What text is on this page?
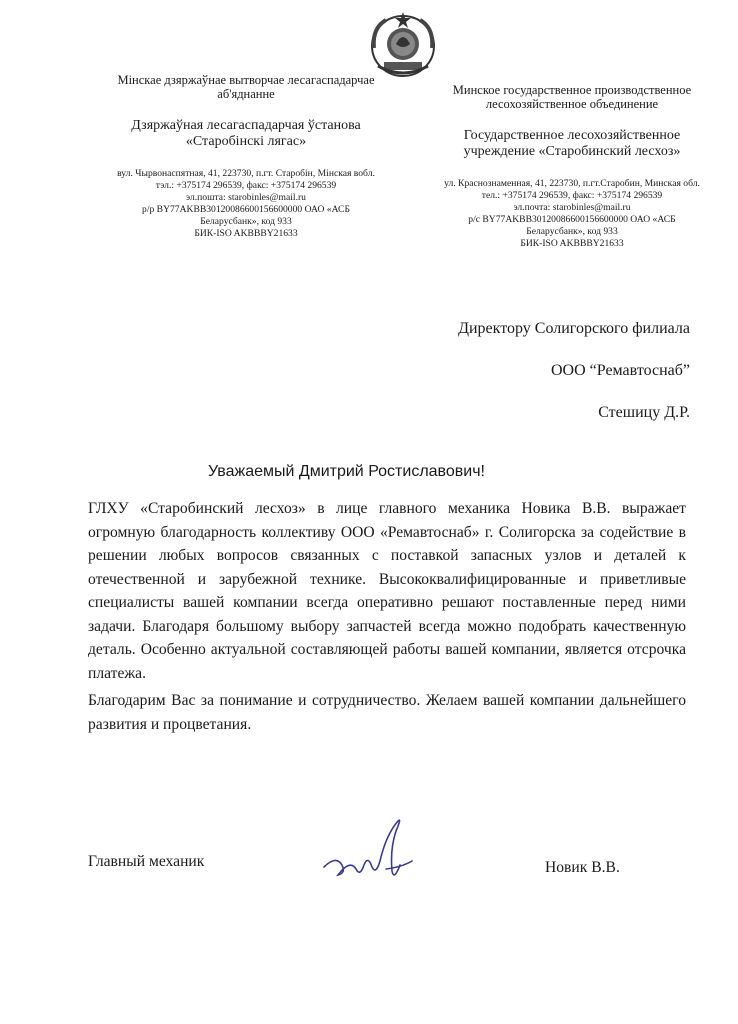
Мінскае дзяржаўнае вытворчае лесагаспадарчае аб'яднанне
Дзяржаўная лесагаспадарчая ўстанова «Старобінскі лягас»
вул. Чырвонаспятная, 41, 223730, п.гт. Старобін, Мінская вобл.
тэл.: +375174 296539, факс: +375174 296539
эл.пошта: starobinles@mail.ru
р/р BY77AKBB30120086600156600000 ОАО «АСБ
Беларусбанк», код 933
БИК-ISO AKBBBY21633
Минское государственное производственное лесохозяйственное объединение
Государственное лесохозяйственное учреждение «Старобинский лесхоз»
ул. Краснознаменная, 41, 223730, п.гт.Старобин, Минская обл.
тел.: +375174 296539, факс: +375174 296539
эл.почта: starobinles@mail.ru
р/с BY77AKBB30120086600156600000 ОАО «АСБ
Беларусбанк», код 933
БИК-ISO AKBBBY21633
Директору Солигорского филиала
ООО “Ремавтоснаб”
Стешицу Д.Р.
Уважаемый Дмитрий Ростиславович!
ГЛХУ «Старобинский лесхоз» в лице главного механика Новика В.В. выражает огромную благодарность коллективу ООО «Ремавтоснаб» г. Солигорска за содействие в решении любых вопросов связанных с поставкой запасных узлов и деталей к отечественной и зарубежной технике. Высококвалифицированные и приветливые специалисты вашей компании всегда оперативно решают поставленные перед ними задачи. Благодаря большому выбору запчастей всегда можно подобрать качественную деталь. Особенно актуальной составляющей работы вашей компании, является отсрочка платежа.
Благодарим Вас за понимание и сотрудничество. Желаем вашей компании дальнейшего развития и процветания.
Главный механик	Новик В.В.
